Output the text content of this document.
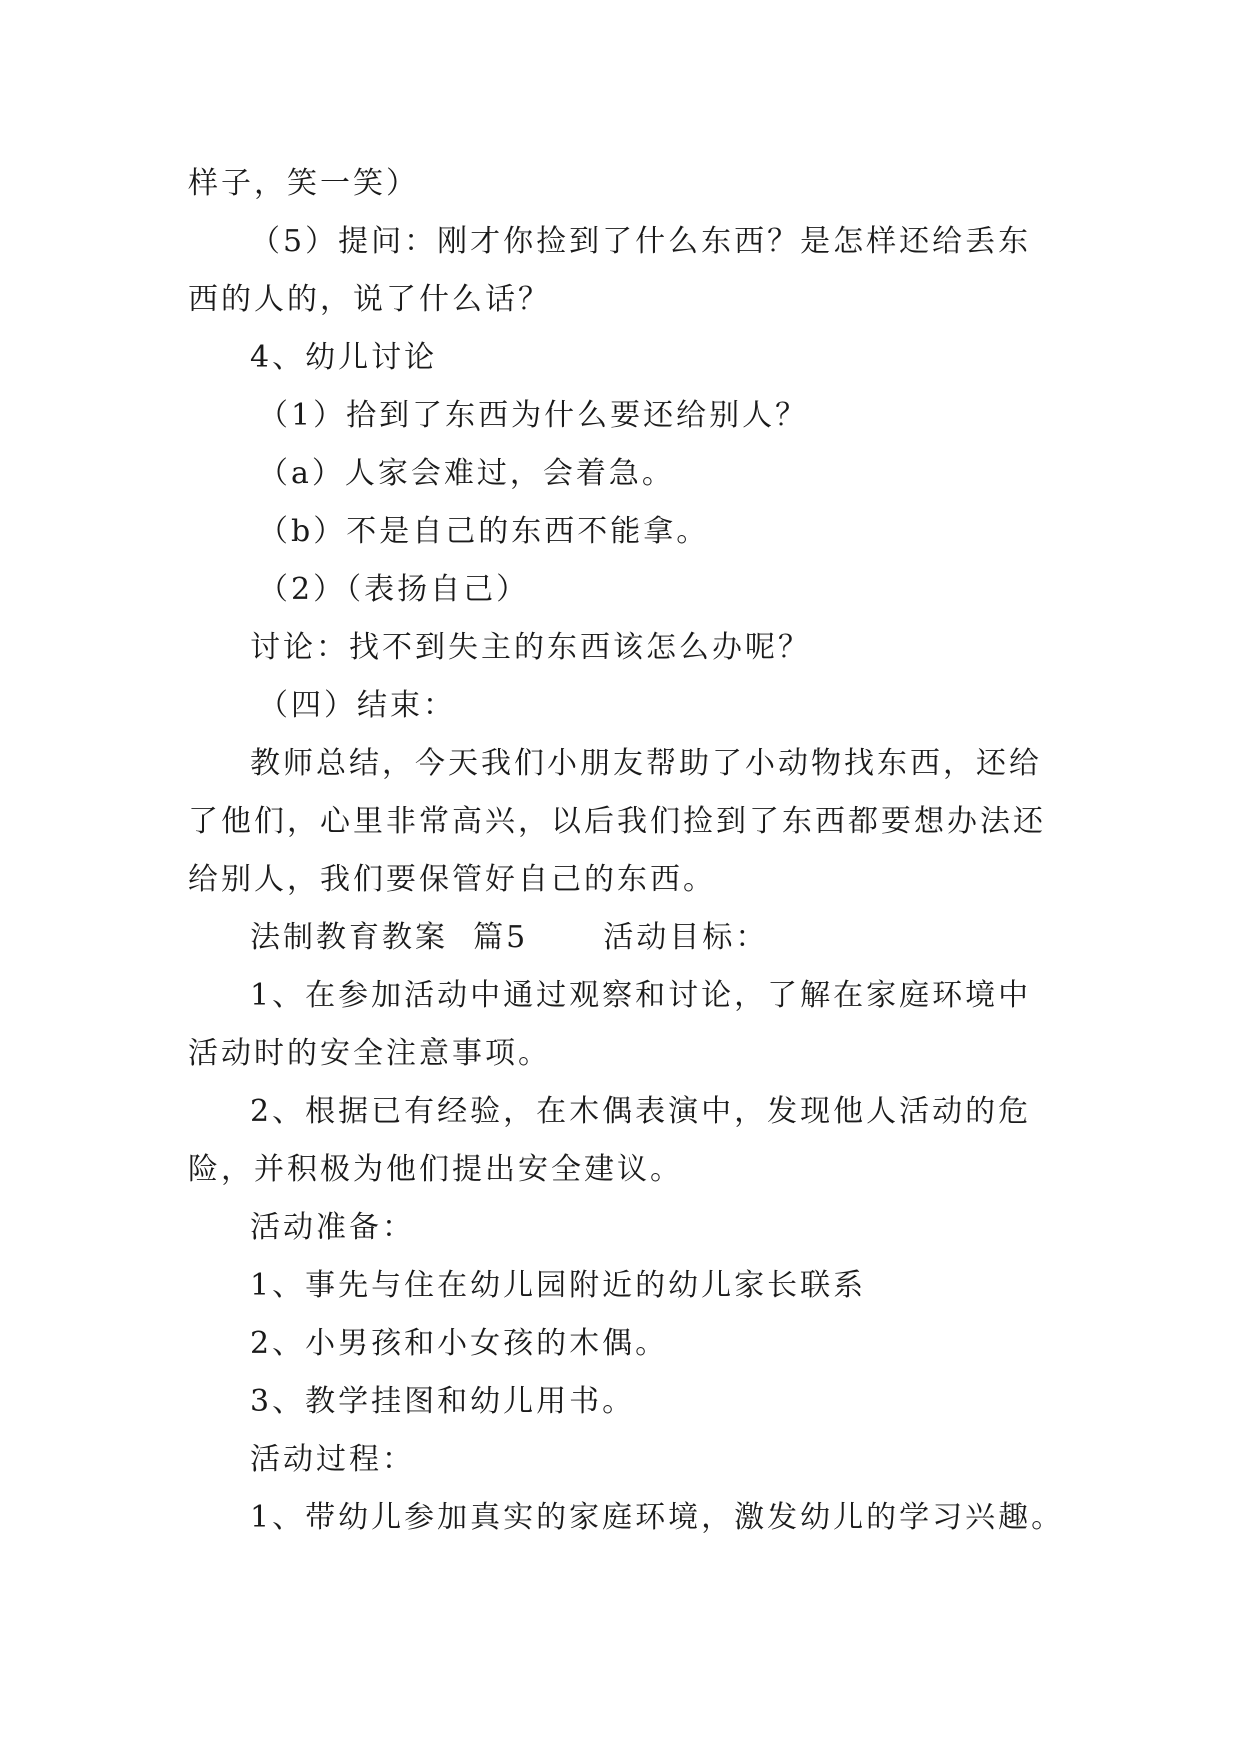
样子，笑一笑）

（5）提问：刚才你捡到了什么东西？是怎样还给丢东

西的人的，说了什么话？

4、幼儿讨论

（1）拾到了东西为什么要还给别人？

（a）人家会难过，会着急。

（b）不是自己的东西不能拿。

（2）（表扬自己）

讨论：找不到失主的东西该怎么办呢？

（四）结束：

教师总结，今天我们小朋友帮助了小动物找东西，还给

了他们，心里非常高兴，以后我们捡到了东西都要想办法还

给别人，我们要保管好自己的东西。

法制教育教案  篇5      活动目标：

1、在参加活动中通过观察和讨论，了解在家庭环境中

活动时的安全注意事项。

2、根据已有经验，在木偶表演中，发现他人活动的危

险，并积极为他们提出安全建议。

活动准备：

1、事先与住在幼儿园附近的幼儿家长联系

2、小男孩和小女孩的木偶。

3、教学挂图和幼儿用书。

活动过程：

1、带幼儿参加真实的家庭环境，激发幼儿的学习兴趣。
